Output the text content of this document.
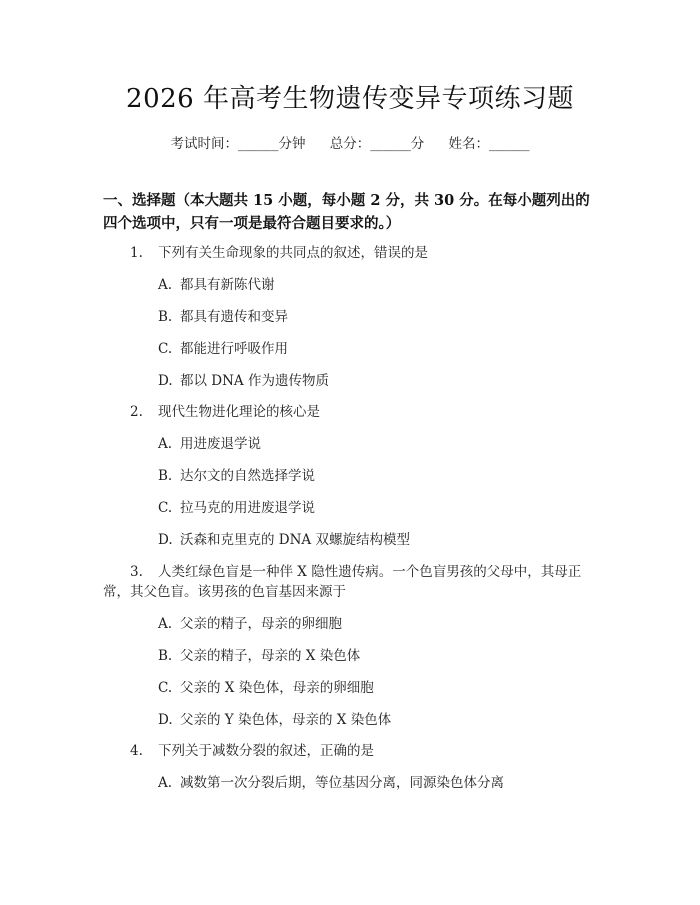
2026 年高考生物遗传变异专项练习题
考试时间：______分钟 总分：______分 姓名：______
一、选择题（本大题共 15 小题，每小题 2 分，共 30 分。在每小题列出的四个选项中，只有一项是最符合题目要求的。）
1. 下列有关生命现象的共同点的叙述，错误的是
A. 都具有新陈代谢
B. 都具有遗传和变异
C. 都能进行呼吸作用
D. 都以 DNA 作为遗传物质
2. 现代生物进化理论的核心是
A. 用进废退学说
B. 达尔文的自然选择学说
C. 拉马克的用进废退学说
D. 沃森和克里克的 DNA 双螺旋结构模型
3. 人类红绿色盲是一种伴 X 隐性遗传病。一个色盲男孩的父母中，其母正
常，其父色盲。该男孩的色盲基因来源于
A. 父亲的精子，母亲的卵细胞
B. 父亲的精子，母亲的 X 染色体
C. 父亲的 X 染色体，母亲的卵细胞
D. 父亲的 Y 染色体，母亲的 X 染色体
4. 下列关于减数分裂的叙述，正确的是
A. 减数第一次分裂后期，等位基因分离，同源染色体分离
